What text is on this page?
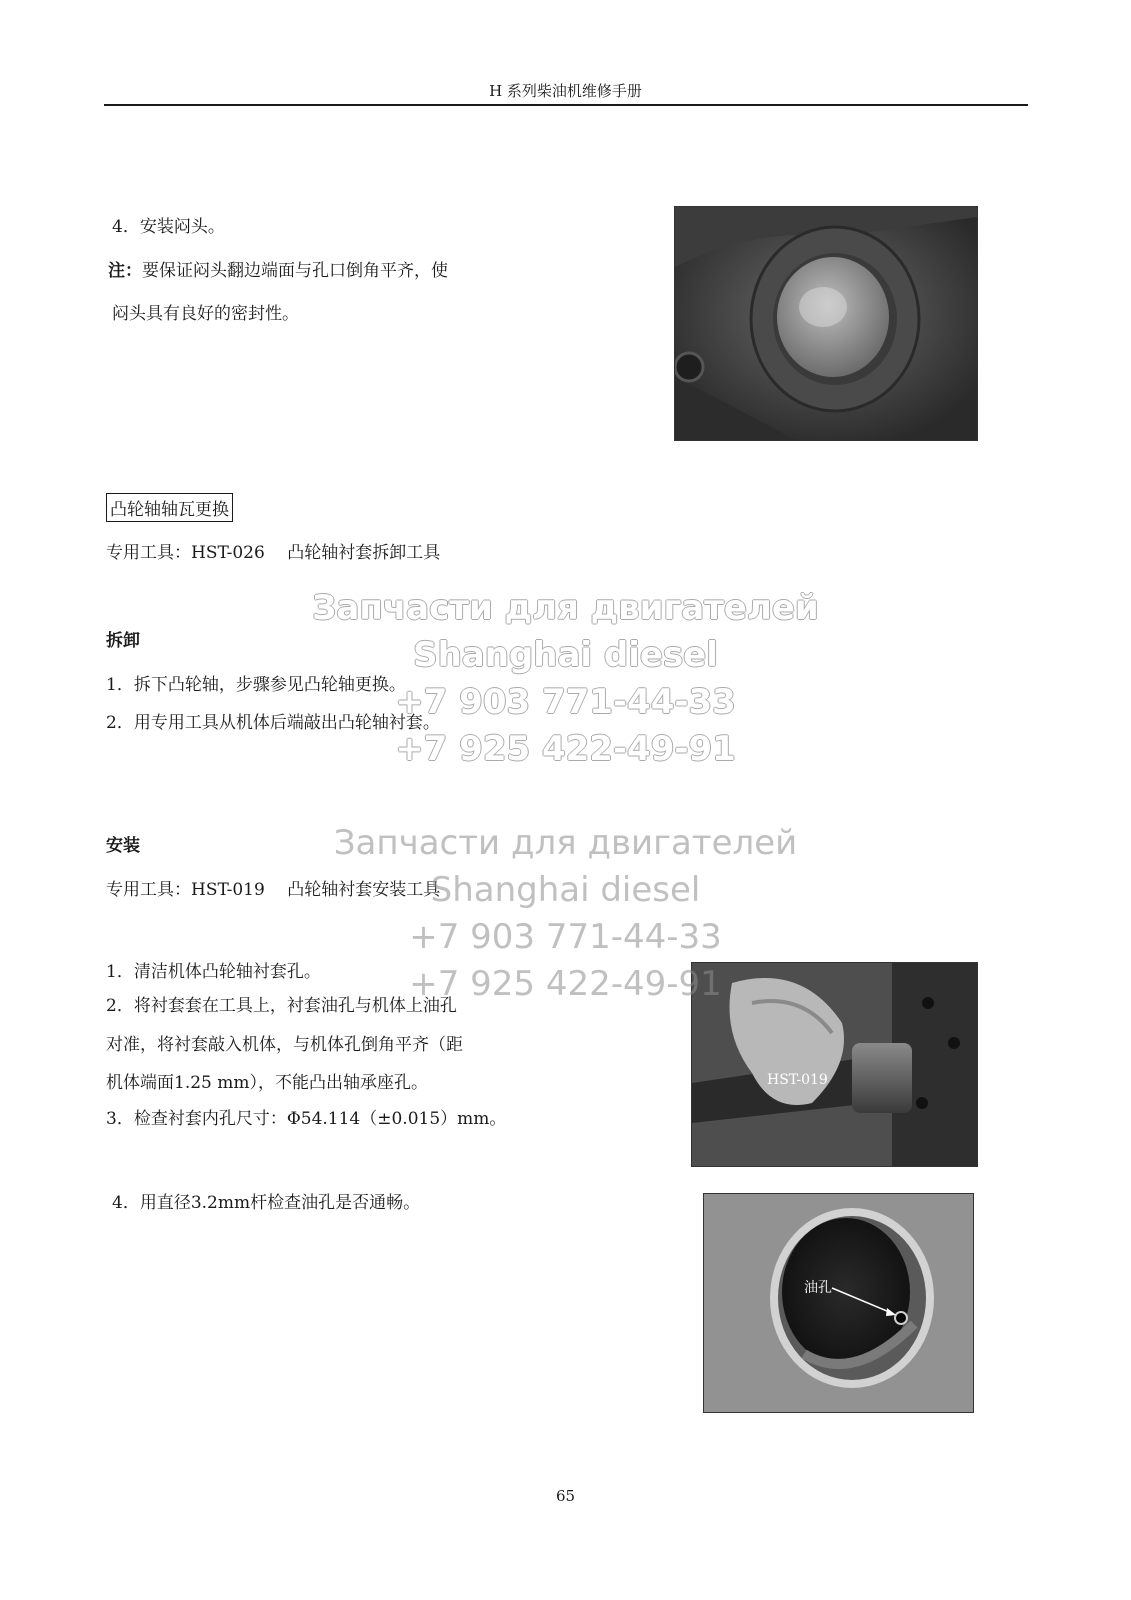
H 系列柴油机维修手册
4．安装闷头。
注：要保证闷头翻边端面与孔口倒角平齐，使
闷头具有良好的密封性。
凸轮轴轴瓦更换
专用工具：HST-026　 凸轮轴衬套拆卸工具
拆卸
1．拆下凸轮轴，步骤参见凸轮轴更换。
2．用专用工具从机体后端敲出凸轮轴衬套。
安装
专用工具：HST-019　 凸轮轴衬套安装工具
1．清洁机体凸轮轴衬套孔。
2．将衬套套在工具上，衬套油孔与机体上油孔
对准，将衬套敲入机体，与机体孔倒角平齐（距
机体端面1.25 mm），不能凸出轴承座孔。
3．检查衬套内孔尺寸：Φ54.114（±0.015）mm。
4．用直径3.2mm杆检查油孔是否通畅。
HST-019
油孔
Запчасти для двигателей
Shanghai diesel
+7 903 771-44-33
+7 925 422-49-91
Запчасти для двигателей
Shanghai diesel
+7 903 771-44-33
+7 925 422-49-91
65
